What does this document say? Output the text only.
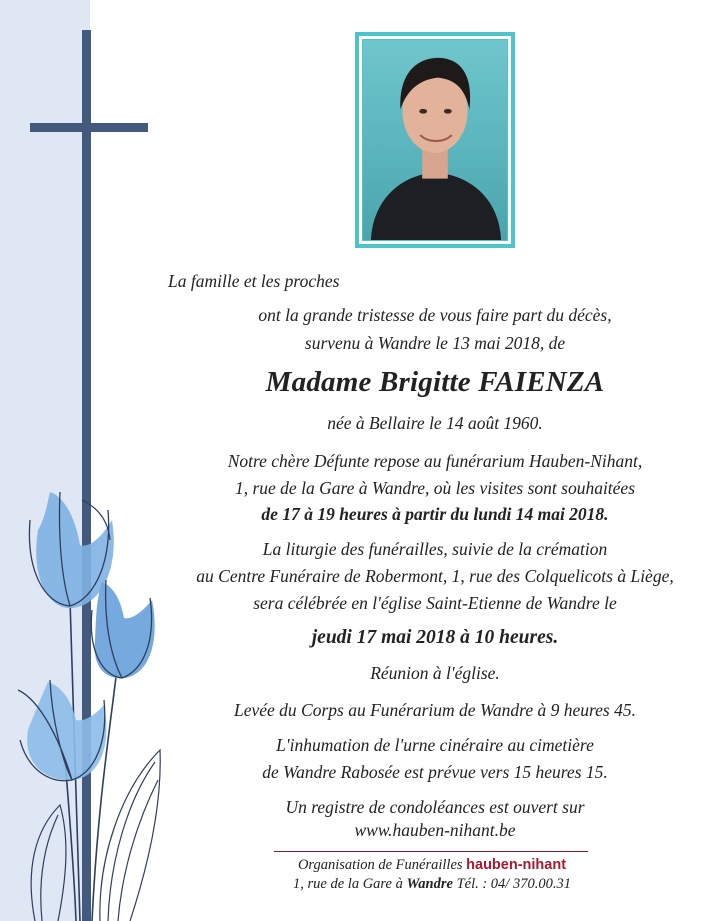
La famille et les proches
ont la grande tristesse de vous faire part du décès,
survenu à Wandre le 13 mai 2018, de
Madame Brigitte FAIENZA
née à Bellaire le 14 août 1960.
Notre chère Défunte repose au funérarium Hauben-Nihant,
1, rue de la Gare à Wandre, où les visites sont souhaitées
de 17 à 19 heures à partir du lundi 14 mai 2018.
La liturgie des funérailles, suivie de la crémation
au Centre Funéraire de Robermont, 1, rue des Colquelicots à Liège,
sera célébrée en l'église Saint-Etienne de Wandre le
jeudi 17 mai 2018 à 10 heures.
Réunion à l'église.
Levée du Corps au Funérarium de Wandre à 9 heures 45.
L'inhumation de l'urne cinéraire au cimetière
de Wandre Rabosée est prévue vers 15 heures 15.
Un registre de condoléances est ouvert sur
www.hauben-nihant.be
Organisation de Funérailles hauben-nihant
1, rue de la Gare à Wandre Tél. : 04/ 370.00.31
